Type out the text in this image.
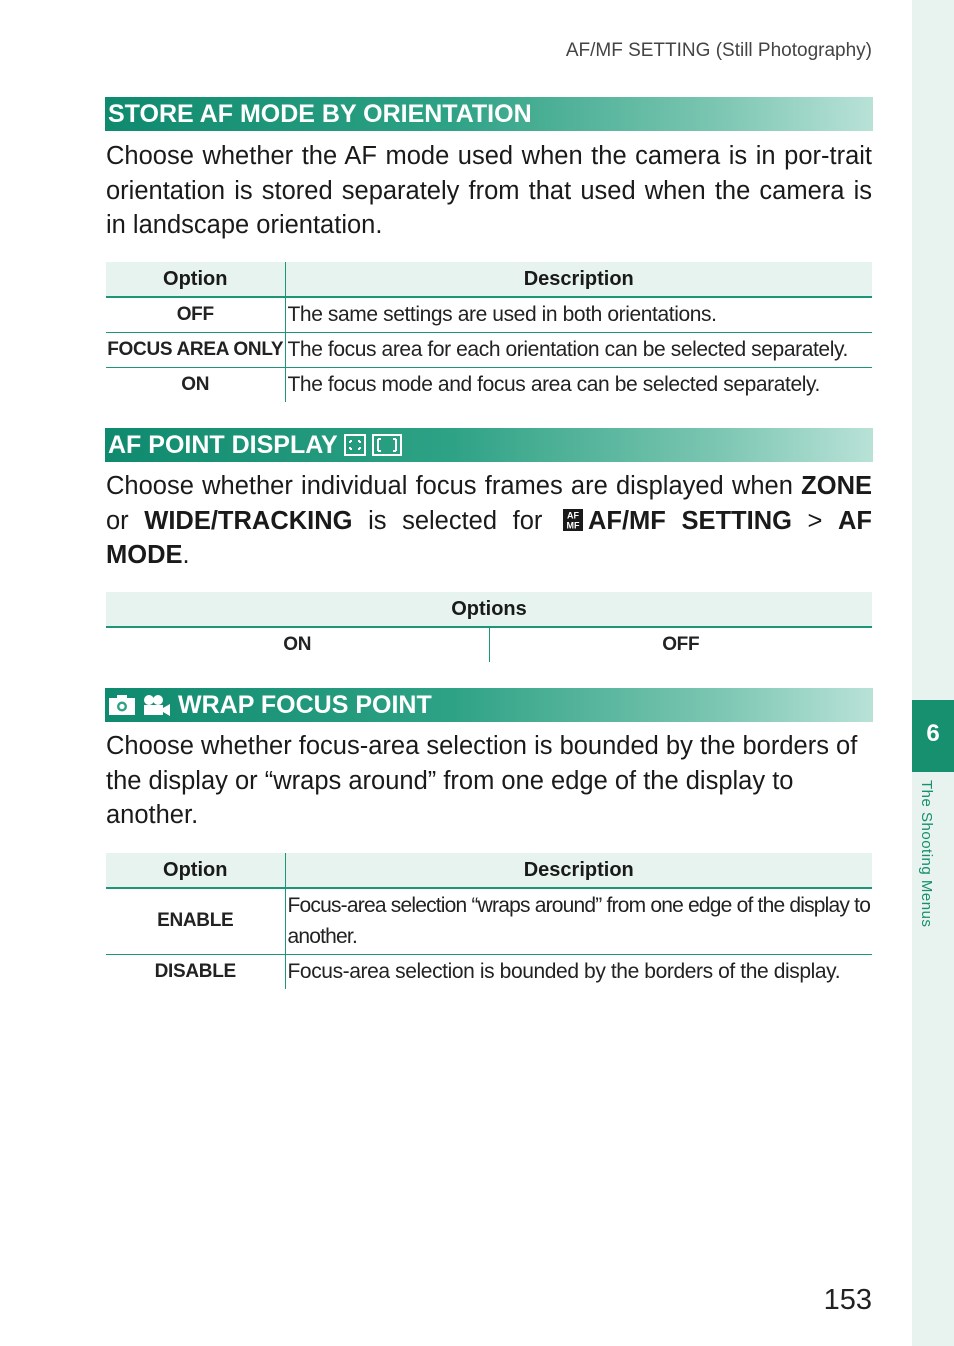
6
The Shooting Menus
AF/MF SETTING (Still Photography)
STORE AF MODE BY ORIENTATION
Choose whether the AF mode used when the camera is in por-trait orientation is stored separately from that used when the camera is in landscape orientation.
Option	Description
OFF	The same settings are used in both orientations.
FOCUS AREA ONLY	The focus area for each orientation can be selected separately.
ON	The focus mode and focus area can be selected separately.
AF POINT DISPLAY
Choose whether individual focus frames are displayed when ZONE or WIDE/TRACKING is selected for AF
MF AF/MF SETTING > AF MODE.
Options
ON	OFF
WRAP FOCUS POINT
Choose whether focus-area selection is bounded by the borders of the display or “wraps around” from one edge of the display to another.
Option	Description
ENABLE	Focus-area selection “wraps around” from one edge of the display to another.
DISABLE	Focus-area selection is bounded by the borders of the display.
153
